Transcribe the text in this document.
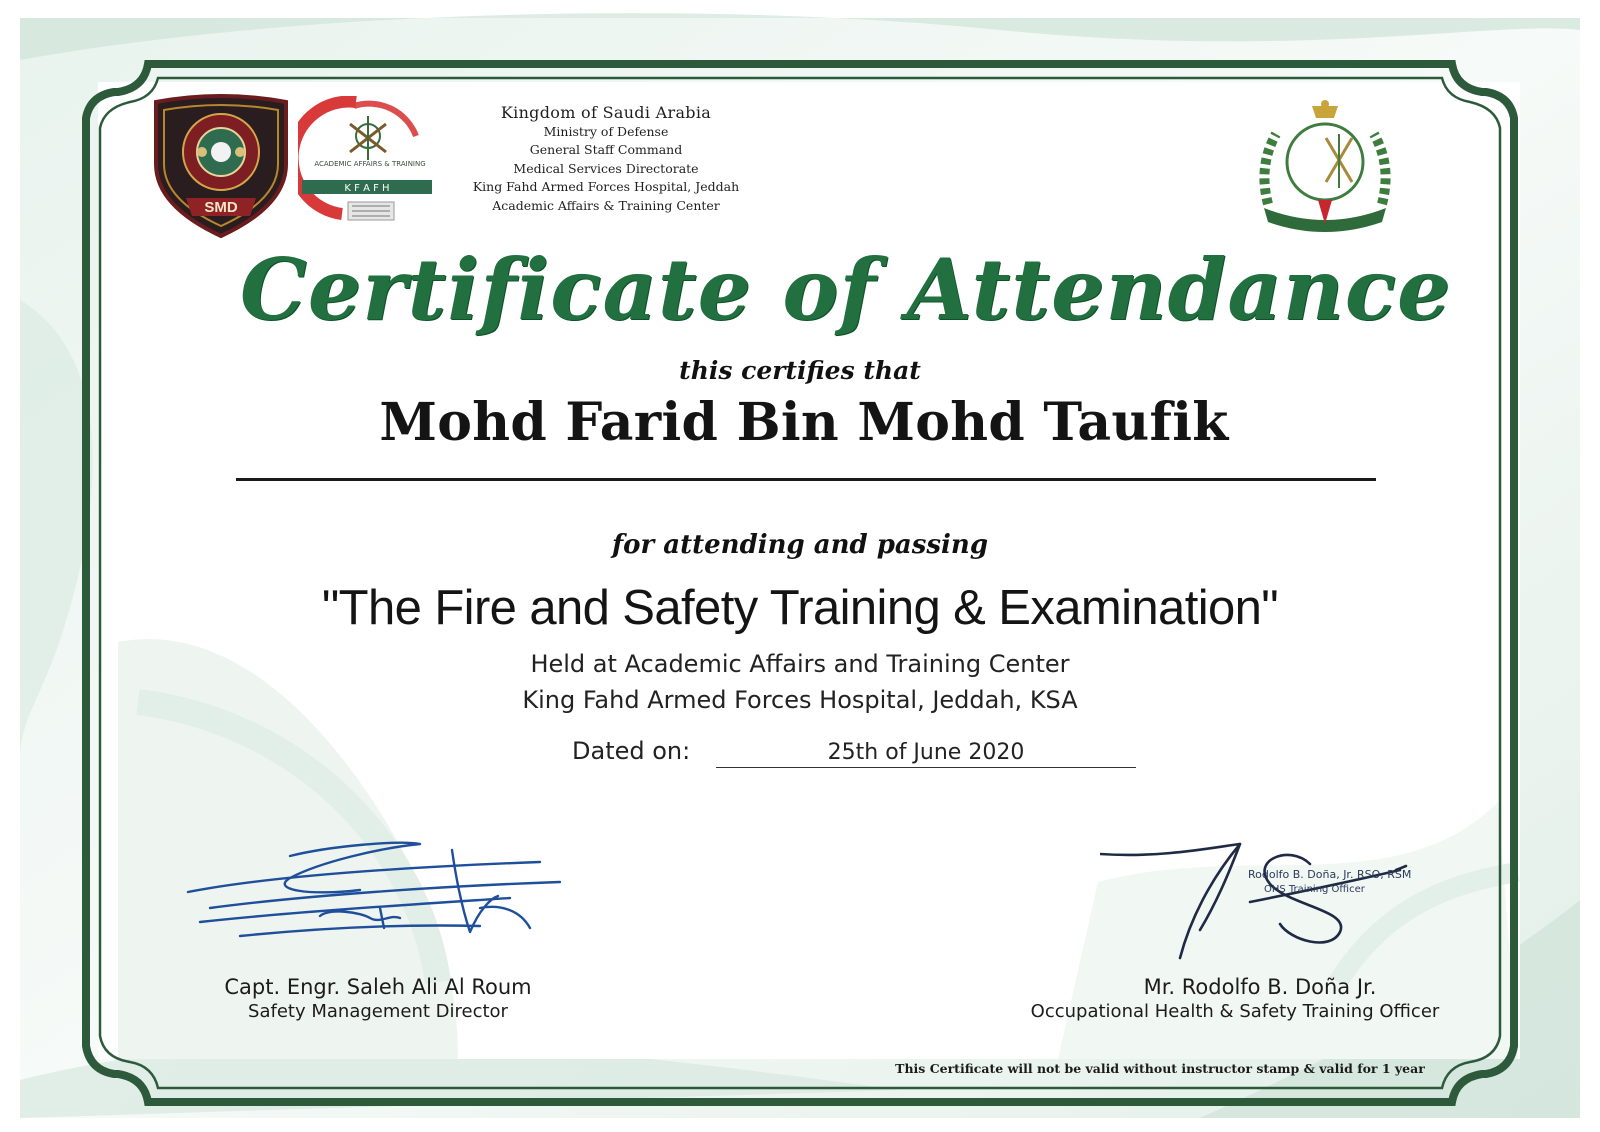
SMD
ACADEMIC AFFAIRS & TRAINING
K F A F H
Kingdom of Saudi Arabia
Ministry of Defense
General Staff Command
Medical Services Directorate
King Fahd Armed Forces Hospital, Jeddah
Academic Affairs & Training Center
Certificate of Attendance
this certifies that
Mohd Farid Bin Mohd Taufik
for attending and passing
"The Fire and Safety Training & Examination"
Held at Academic Affairs and Training Center
King Fahd Armed Forces Hospital, Jeddah, KSA
Dated on:	25th of June 2020
Capt. Engr. Saleh Ali Al Roum
Safety Management Director
Rodolfo B. Doña, Jr. RSO, RSM
OHS Training Officer
Mr. Rodolfo B. Doña Jr.
Occupational Health & Safety Training Officer
This Certificate will not be valid without instructor stamp & valid for 1 year
